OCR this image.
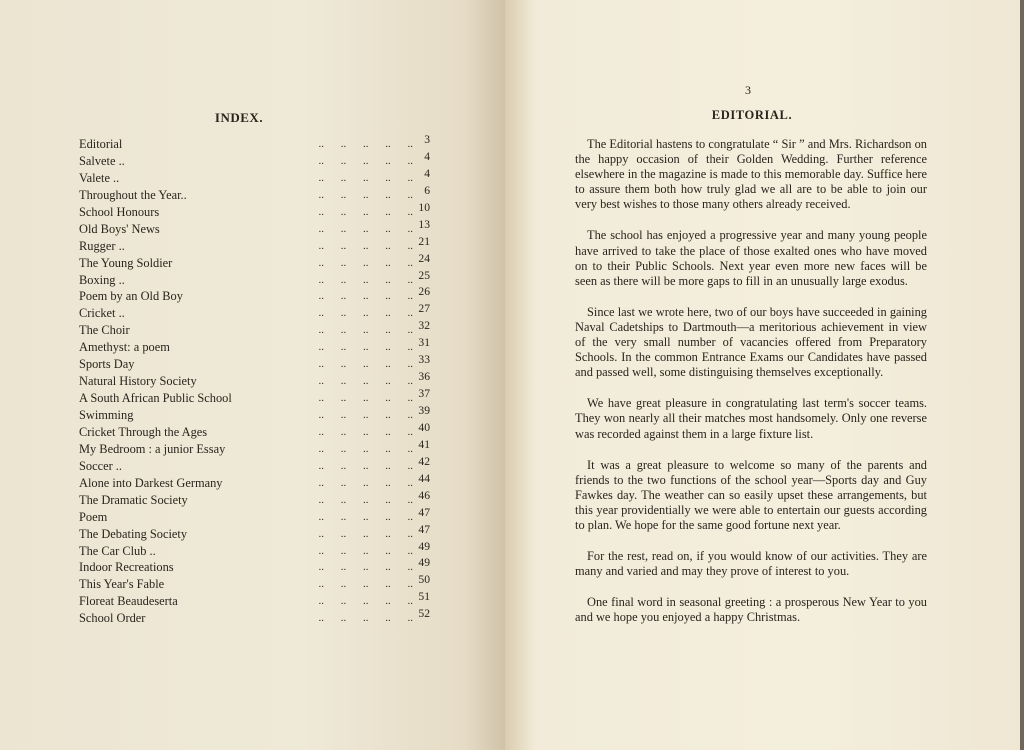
INDEX.
Editorial	.. .. .. .. .. 3
Salvete ..	.. .. .. .. .. 4
Valete ..	.. .. .. .. .. 4
Throughout the Year..	.. .. .. .. .. 6
School Honours	.. .. .. .. .. 10
Old Boys' News	.. .. .. .. .. 13
Rugger ..	.. .. .. .. .. 21
The Young Soldier	.. .. .. .. .. 24
Boxing ..	.. .. .. .. .. 25
Poem by an Old Boy	.. .. .. .. .. 26
Cricket ..	.. .. .. .. .. 27
The Choir	.. .. .. .. .. 32
Amethyst: a poem	.. .. .. .. .. 31
Sports Day	.. .. .. .. .. 33
Natural History Society	.. .. .. .. .. 36
A South African Public School	.. .. .. .. .. 37
Swimming	.. .. .. .. .. 39
Cricket Through the Ages	.. .. .. .. .. 40
My Bedroom : a junior Essay	.. .. .. .. .. 41
Soccer ..	.. .. .. .. .. 42
Alone into Darkest Germany	.. .. .. .. .. 44
The Dramatic Society	.. .. .. .. .. 46
Poem	.. .. .. .. .. 47
The Debating Society	.. .. .. .. .. 47
The Car Club ..	.. .. .. .. .. 49
Indoor Recreations	.. .. .. .. .. 49
This Year's Fable	.. .. .. .. .. 50
Floreat Beaudeserta	.. .. .. .. .. 51
School Order	.. .. .. .. .. 52
3
EDITORIAL.

The Editorial hastens to congratulate “ Sir ” and Mrs. Richardson on the happy occasion of their Golden Wedding. Further reference elsewhere in the magazine is made to this memorable day. Suffice here to assure them both how truly glad we all are to be able to join our very best wishes to those many others already received.

The school has enjoyed a progressive year and many young people have arrived to take the place of those exalted ones who have moved on to their Public Schools. Next year even more new faces will be seen as there will be more gaps to fill in an unusually large exodus.

Since last we wrote here, two of our boys have succeeded in gaining Naval Cadetships to Dartmouth—a meritorious achievement in view of the very small number of vacancies offered from Preparatory Schools. In the common Entrance Exams our Candidates have passed and passed well, some distinguising themselves exceptionally.

We have great pleasure in congratulating last term's soccer teams. They won nearly all their matches most handsomely. Only one reverse was recorded against them in a large fixture list.

It was a great pleasure to welcome so many of the parents and friends to the two functions of the school year—Sports day and Guy Fawkes day. The weather can so easily upset these arrangements, but this year providentially we were able to entertain our guests according to plan. We hope for the same good fortune next year.

For the rest, read on, if you would know of our activities. They are many and varied and may they prove of interest to you.

One final word in seasonal greeting : a prosperous New Year to you and we hope you enjoyed a happy Christmas.
